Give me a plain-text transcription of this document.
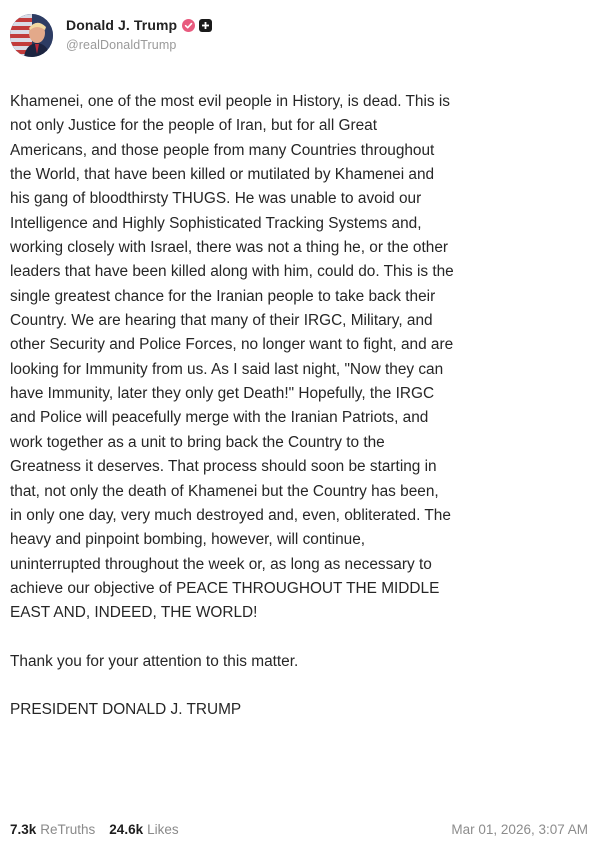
Donald J. Trump
@realDonaldTrump

Khamenei, one of the most evil people in History, is dead. This is
not only Justice for the people of Iran, but for all Great
Americans, and those people from many Countries throughout
the World, that have been killed or mutilated by Khamenei and
his gang of bloodthirsty THUGS. He was unable to avoid our
Intelligence and Highly Sophisticated Tracking Systems and,
working closely with Israel, there was not a thing he, or the other
leaders that have been killed along with him, could do. This is the
single greatest chance for the Iranian people to take back their
Country. We are hearing that many of their IRGC, Military, and
other Security and Police Forces, no longer want to fight, and are
looking for Immunity from us. As I said last night, "Now they can
have Immunity, later they only get Death!" Hopefully, the IRGC
and Police will peacefully merge with the Iranian Patriots, and
work together as a unit to bring back the Country to the
Greatness it deserves. That process should soon be starting in
that, not only the death of Khamenei but the Country has been,
in only one day, very much destroyed and, even, obliterated. The
heavy and pinpoint bombing, however, will continue,
uninterrupted throughout the week or, as long as necessary to
achieve our objective of PEACE THROUGHOUT THE MIDDLE
EAST AND, INDEED, THE WORLD!

Thank you for your attention to this matter.

PRESIDENT DONALD J. TRUMP

7.3k ReTruths 24.6k Likes	Mar 01, 2026, 3:07 AM
